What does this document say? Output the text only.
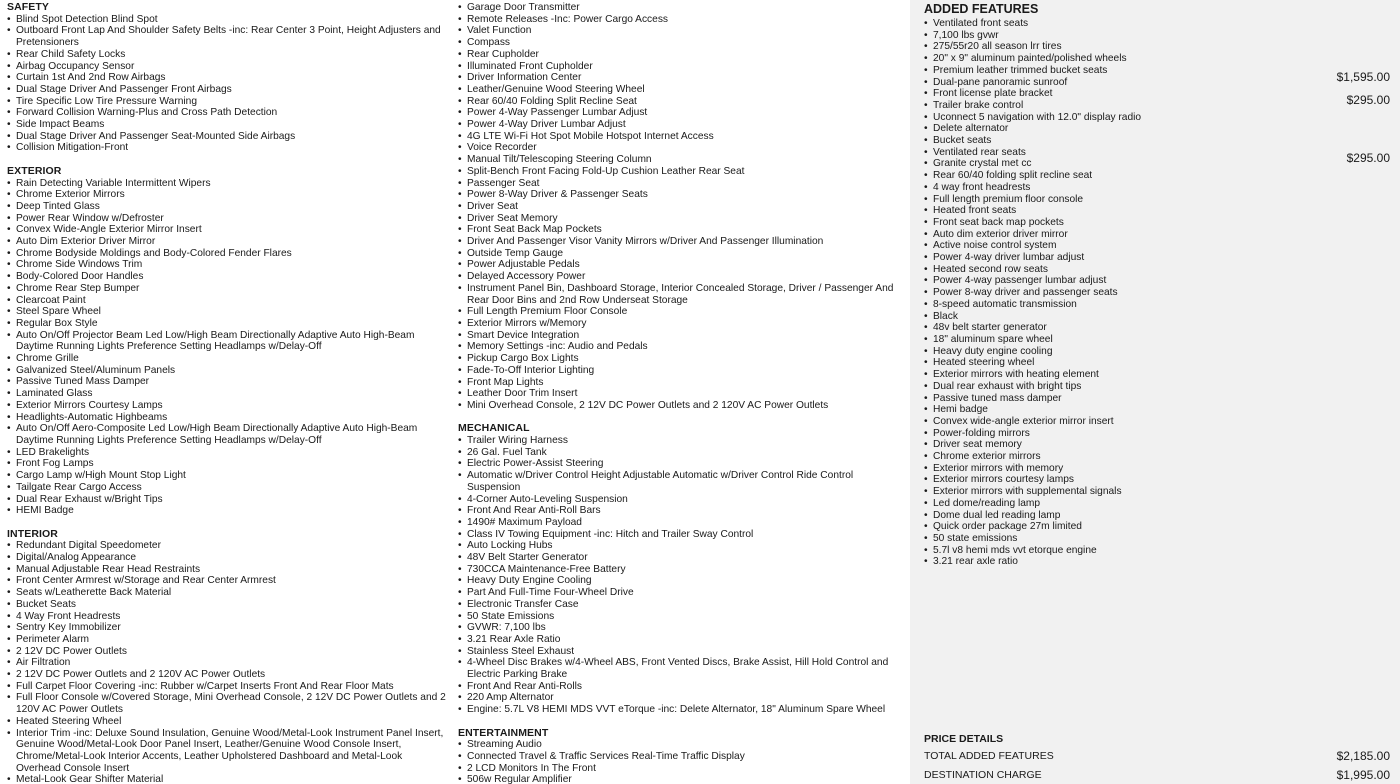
SAFETY
• Blind Spot Detection Blind Spot
• Outboard Front Lap And Shoulder Safety Belts -inc: Rear Center 3 Point, Height Adjusters and Pretensioners
• Rear Child Safety Locks
• Airbag Occupancy Sensor
• Curtain 1st And 2nd Row Airbags
• Dual Stage Driver And Passenger Front Airbags
• Tire Specific Low Tire Pressure Warning
• Forward Collision Warning-Plus and Cross Path Detection
• Side Impact Beams
• Dual Stage Driver And Passenger Seat-Mounted Side Airbags
• Collision Mitigation-Front
EXTERIOR
• Rain Detecting Variable Intermittent Wipers
• Chrome Exterior Mirrors
• Deep Tinted Glass
• Power Rear Window w/Defroster
• Convex Wide-Angle Exterior Mirror Insert
• Auto Dim Exterior Driver Mirror
• Chrome Bodyside Moldings and Body-Colored Fender Flares
• Chrome Side Windows Trim
• Body-Colored Door Handles
• Chrome Rear Step Bumper
• Clearcoat Paint
• Steel Spare Wheel
• Regular Box Style
• Auto On/Off Projector Beam Led Low/High Beam Directionally Adaptive Auto High-Beam Daytime Running Lights Preference Setting Headlamps w/Delay-Off
• Chrome Grille
• Galvanized Steel/Aluminum Panels
• Passive Tuned Mass Damper
• Laminated Glass
• Exterior Mirrors Courtesy Lamps
• Headlights-Automatic Highbeams
• Auto On/Off Aero-Composite Led Low/High Beam Directionally Adaptive Auto High-Beam Daytime Running Lights Preference Setting Headlamps w/Delay-Off
• LED Brakelights
• Front Fog Lamps
• Cargo Lamp w/High Mount Stop Light
• Tailgate Rear Cargo Access
• Dual Rear Exhaust w/Bright Tips
• HEMI Badge
INTERIOR
• Redundant Digital Speedometer
• Digital/Analog Appearance
• Manual Adjustable Rear Head Restraints
• Front Center Armrest w/Storage and Rear Center Armrest
• Seats w/Leatherette Back Material
• Bucket Seats
• 4 Way Front Headrests
• Sentry Key Immobilizer
• Perimeter Alarm
• 2 12V DC Power Outlets
• Air Filtration
• 2 12V DC Power Outlets and 2 120V AC Power Outlets
• Full Carpet Floor Covering -inc: Rubber w/Carpet Inserts Front And Rear Floor Mats
• Full Floor Console w/Covered Storage, Mini Overhead Console, 2 12V DC Power Outlets and 2 120V AC Power Outlets
• Heated Steering Wheel
• Interior Trim -inc: Deluxe Sound Insulation, Genuine Wood/Metal-Look Instrument Panel Insert, Genuine Wood/Metal-Look Door Panel Insert, Leather/Genuine Wood Console Insert, Chrome/Metal-Look Interior Accents, Leather Upholstered Dashboard and Metal-Look Overhead Console Insert
• Metal-Look Gear Shifter Material
• Garage Door Transmitter
• Remote Releases -Inc: Power Cargo Access
• Valet Function
• Compass
• Rear Cupholder
• Illuminated Front Cupholder
• Driver Information Center
• Leather/Genuine Wood Steering Wheel
• Rear 60/40 Folding Split Recline Seat
• Power 4-Way Passenger Lumbar Adjust
• Power 4-Way Driver Lumbar Adjust
• 4G LTE Wi-Fi Hot Spot Mobile Hotspot Internet Access
• Voice Recorder
• Manual Tilt/Telescoping Steering Column
• Split-Bench Front Facing Fold-Up Cushion Leather Rear Seat
• Passenger Seat
• Power 8-Way Driver & Passenger Seats
• Driver Seat
• Driver Seat Memory
• Front Seat Back Map Pockets
• Driver And Passenger Visor Vanity Mirrors w/Driver And Passenger Illumination
• Outside Temp Gauge
• Power Adjustable Pedals
• Delayed Accessory Power
• Instrument Panel Bin, Dashboard Storage, Interior Concealed Storage, Driver / Passenger And Rear Door Bins and 2nd Row Underseat Storage
• Full Length Premium Floor Console
• Exterior Mirrors w/Memory
• Smart Device Integration
• Memory Settings -inc: Audio and Pedals
• Pickup Cargo Box Lights
• Fade-To-Off Interior Lighting
• Front Map Lights
• Leather Door Trim Insert
• Mini Overhead Console, 2 12V DC Power Outlets and 2 120V AC Power Outlets
MECHANICAL
• Trailer Wiring Harness
• 26 Gal. Fuel Tank
• Electric Power-Assist Steering
• Automatic w/Driver Control Height Adjustable Automatic w/Driver Control Ride Control Suspension
• 4-Corner Auto-Leveling Suspension
• Front And Rear Anti-Roll Bars
• 1490# Maximum Payload
• Class IV Towing Equipment -inc: Hitch and Trailer Sway Control
• Auto Locking Hubs
• 48V Belt Starter Generator
• 730CCA Maintenance-Free Battery
• Heavy Duty Engine Cooling
• Part And Full-Time Four-Wheel Drive
• Electronic Transfer Case
• 50 State Emissions
• GVWR: 7,100 lbs
• 3.21 Rear Axle Ratio
• Stainless Steel Exhaust
• 4-Wheel Disc Brakes w/4-Wheel ABS, Front Vented Discs, Brake Assist, Hill Hold Control and Electric Parking Brake
• Front And Rear Anti-Rolls
• 220 Amp Alternator
• Engine: 5.7L V8 HEMI MDS VVT eTorque -inc: Delete Alternator, 18" Aluminum Spare Wheel
ENTERTAINMENT
• Streaming Audio
• Connected Travel & Traffic Services Real-Time Traffic Display
• 2 LCD Monitors In The Front
• 506w Regular Amplifier
ADDED FEATURES
• Ventilated front seats
• 7,100 lbs gvwr
• 275/55r20 all season lrr tires
• 20" x 9" aluminum painted/polished wheels
• Premium leather trimmed bucket seats
• Dual-pane panoramic sunroof	$1,595.00
• Front license plate bracket
• Trailer brake control	$295.00
• Uconnect 5 navigation with 12.0" display radio
• Delete alternator
• Bucket seats
• Ventilated rear seats
• Granite crystal met cc	$295.00
• Rear 60/40 folding split recline seat
• 4 way front headrests
• Full length premium floor console
• Heated front seats
• Front seat back map pockets
• Auto dim exterior driver mirror
• Active noise control system
• Power 4-way driver lumbar adjust
• Heated second row seats
• Power 4-way passenger lumbar adjust
• Power 8-way driver and passenger seats
• 8-speed automatic transmission
• Black
• 48v belt starter generator
• 18" aluminum spare wheel
• Heavy duty engine cooling
• Heated steering wheel
• Exterior mirrors with heating element
• Dual rear exhaust with bright tips
• Passive tuned mass damper
• Hemi badge
• Convex wide-angle exterior mirror insert
• Power-folding mirrors
• Driver seat memory
• Chrome exterior mirrors
• Exterior mirrors with memory
• Exterior mirrors courtesy lamps
• Exterior mirrors with supplemental signals
• Led dome/reading lamp
• Dome dual led reading lamp
• Quick order package 27m limited
• 50 state emissions
• 5.7l v8 hemi mds vvt etorque engine
• 3.21 rear axle ratio
PRICE DETAILS
TOTAL ADDED FEATURES	$2,185.00
DESTINATION CHARGE	$1,995.00
